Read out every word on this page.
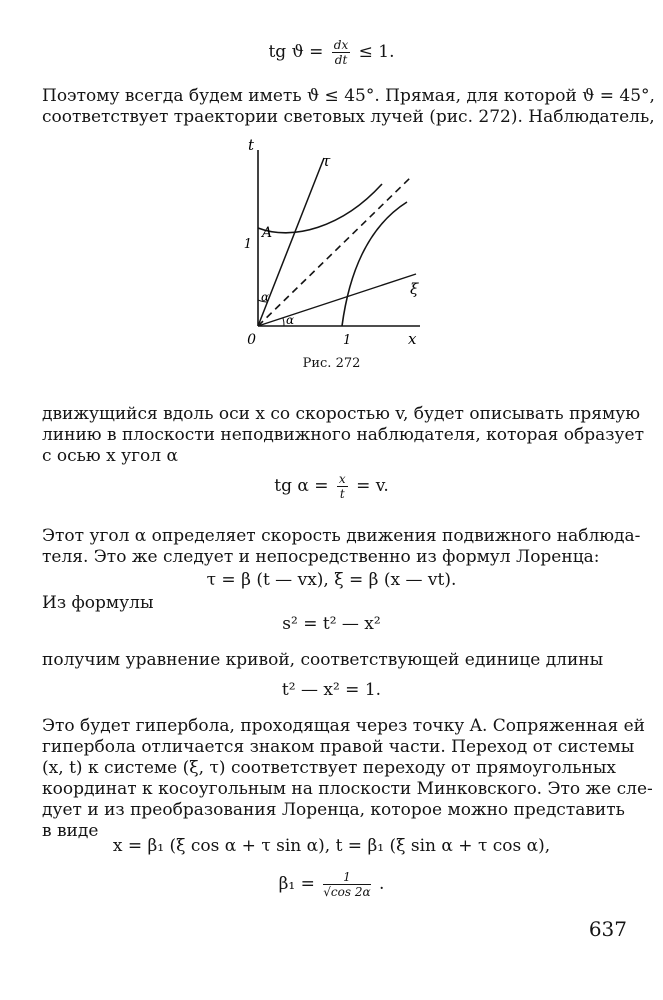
tg $ϑ = \frac{dx}{dt} \le 1$.
Поэтому всегда будем иметь ϑ ≤ 45°. Прямая, для которой ϑ = 45°,
соответствует траектории световых лучей (рис. 272). Наблюдатель,
t
τ
A
1
α
α
ξ
0	1	x
Рис. 272
движущийся вдоль оси x со скоростью v, будет описывать прямую
линию в плоскости неподвижного наблюдателя, которая образует
с осью x угол α
tg $\alpha = \frac{x}{t} = v$.
Этот угол α определяет скорость движения подвижного наблюда-
теля. Это же следует и непосредственно из формул Лоренца:
τ = β (t — vx), ξ = β (x — vt).
Из формулы
s² = t² — x²
получим уравнение кривой, соответствующей единице длины
t² — x² = 1.
Это будет гипербола, проходящая через точку A. Сопряженная ей
гипербола отличается знаком правой части. Переход от системы
(x, t) к системе (ξ, τ) соответствует переходу от прямоугольных
координат к косоугольным на плоскости Минковского. Это же сле-
дует и из преобразования Лоренца, которое можно представить
в виде
x = β₁ (ξ cos α + τ sin α), t = β₁ (ξ sin α + τ cos α),
$\beta_1 = \frac{1}{√\cos 2\alpha}$ .
637
